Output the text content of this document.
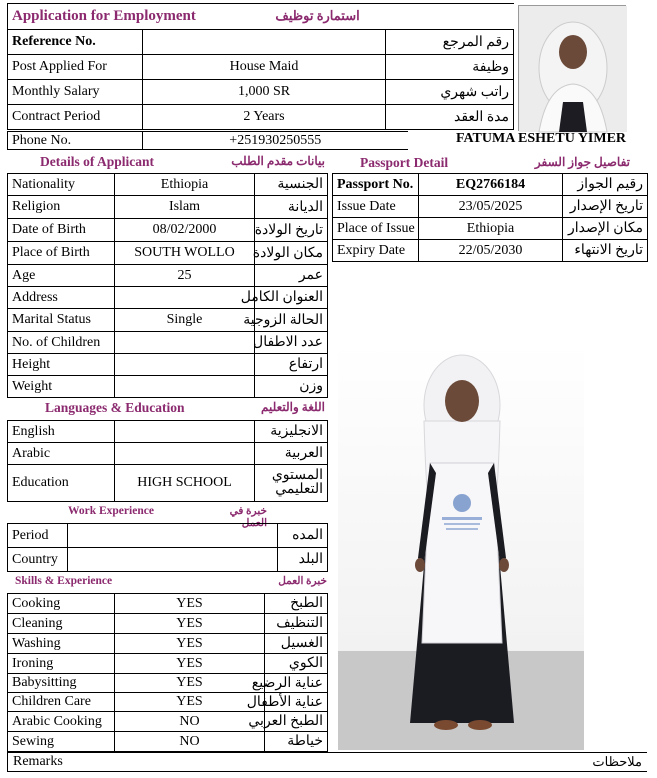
Application for Employment استمارة توظيف		
Reference No.		رقم المرجع
Post Applied For	House Maid	وظيفة
Monthly Salary	1,000 SR	راتب شهري
Contract Period	2 Years	مدة العقد
Phone No.	+251930250555	FATUMA ESHETU YIMER
Details of Applicant	بيانات مقدم الطلب
Nationality	Ethiopia	الجنسية
Religion	Islam	الديانة
Date of Birth	08/02/2000	تاريخ الولادة
Place of Birth	SOUTH WOLLO	مكان الولادة
Age	25	عمر
Address		العنوان الكامل
Marital Status	Single	الحالة الزوجية
No. of Children		عدد الاطفال
Height		ارتفاع
Weight		وزن
Passport Detail	تفاصيل جواز السفر
Passport No.	EQ2766184	رقيم الجواز
Issue Date	23/05/2025	تاريخ الإصدار
Place of Issue	Ethiopia	مكان الإصدار
Expiry Date	22/05/2030	تاريخ الانتهاء
Languages & Education	اللغة والتعليم
English		الانجليزية
Arabic		العربية
Education	HIGH SCHOOL	المستوي التعليمي
Work Experience	خبرة في العمل
Period		المده
Country		البلد
Skills & Experience	خبرة العمل
Cooking	YES	الطبخ
Cleaning	YES	التنظيف
Washing	YES	الغسيل
Ironing	YES	الكوي
Babysitting	YES	عناية الرضيع
Children Care	YES	عناية الأطفال
Arabic Cooking	NO	الطبخ العربي
Sewing	NO	خياطة
Remarks	ملاحظات
